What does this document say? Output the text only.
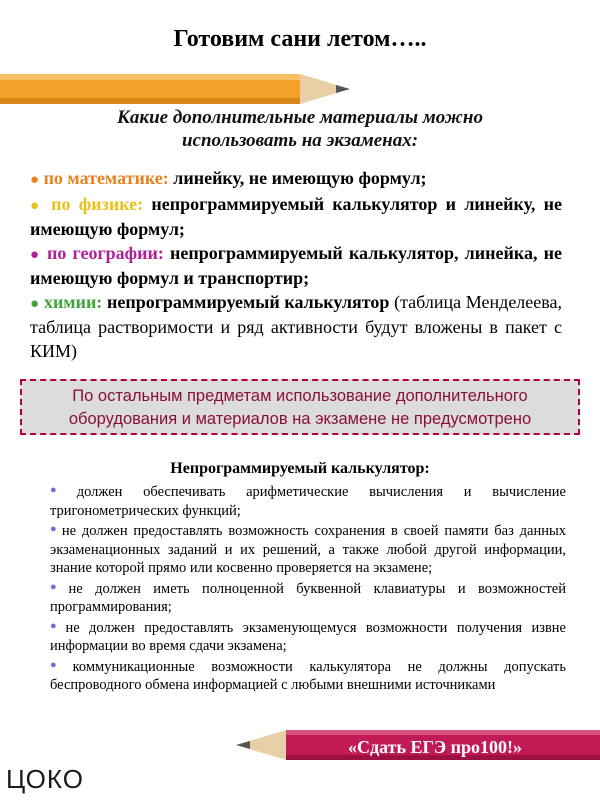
Готовим сани летом…..
Какие дополнительные материалы можно
использовать на экзаменах:

● по математике: линейку, не имеющую формул;

● по физике: непрограммируемый калькулятор и линейку, не имеющую формул;

● по географии: непрограммируемый калькулятор, линейка, не имеющую формул и транспортир;

● химии: непрограммируемый калькулятор (таблица Менделеева, таблица растворимости и ряд активности будут вложены в пакет с КИМ)

По остальным предметам использование дополнительного
оборудования и материалов на экзамене не предусмотрено
Непрограммируемый калькулятор:

● должен обеспечивать арифметические вычисления и вычисление тригонометрических функций;

● не должен предоставлять возможность сохранения в своей памяти баз данных экзаменационных заданий и их решений, а также любой другой информации, знание которой прямо или косвенно проверяется на экзамене;

● не должен иметь полноценной буквенной клавиатуры и возможностей программирования;

● не должен предоставлять экзаменующемуся возможности получения извне информации во время сдачи экзамена;

● коммуникационные возможности калькулятора не должны допускать беспроводного обмена информацией с любыми внешними источниками

«Сдать ЕГЭ про100!»
ЦОКО
